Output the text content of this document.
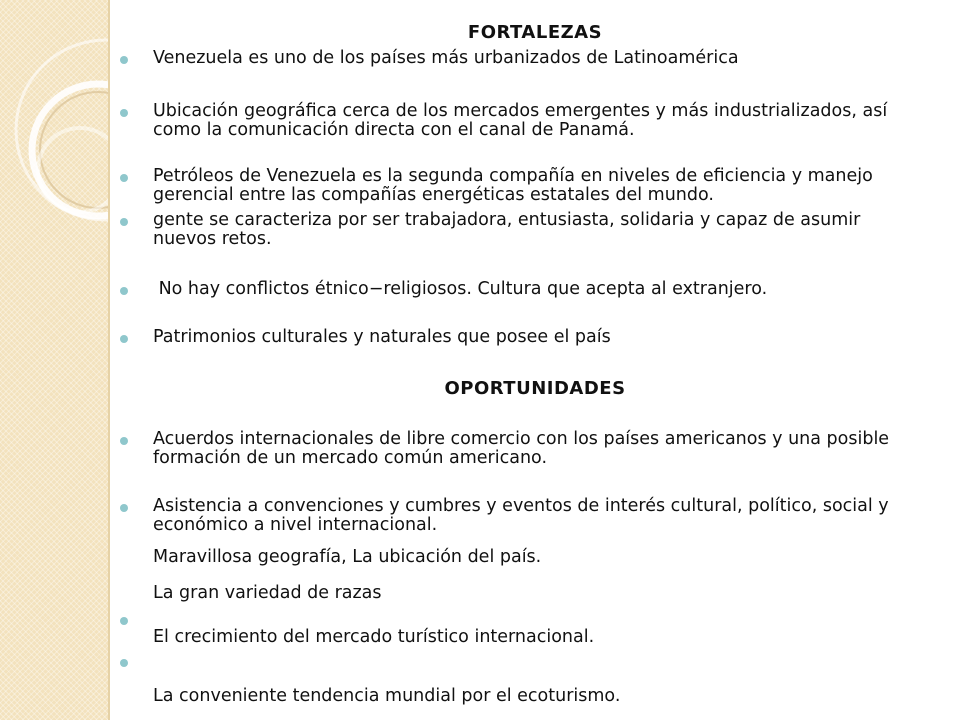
FORTALEZAS
Venezuela es uno de los países más urbanizados de Latinoamérica
Ubicación geográfica cerca de los mercados emergentes y más industrializados, así como la comunicación directa con el canal de Panamá.
Petróleos de Venezuela es la segunda compañía en niveles de eficiencia y manejo gerencial entre las compañías energéticas estatales del mundo.
gente se caracteriza por ser trabajadora, entusiasta, solidaria y capaz de asumir nuevos retos.
No hay conflictos étnico−religiosos. Cultura que acepta al extranjero.
Patrimonios culturales y naturales que posee el país
OPORTUNIDADES
Acuerdos internacionales de libre comercio con los países americanos y una posible formación de un mercado común americano.
Asistencia a convenciones y cumbres y eventos de interés cultural, político, social y económico a nivel internacional.
Maravillosa geografía, La ubicación del país.
La gran variedad de razas
El crecimiento del mercado turístico internacional.
La conveniente tendencia mundial por el ecoturismo.
